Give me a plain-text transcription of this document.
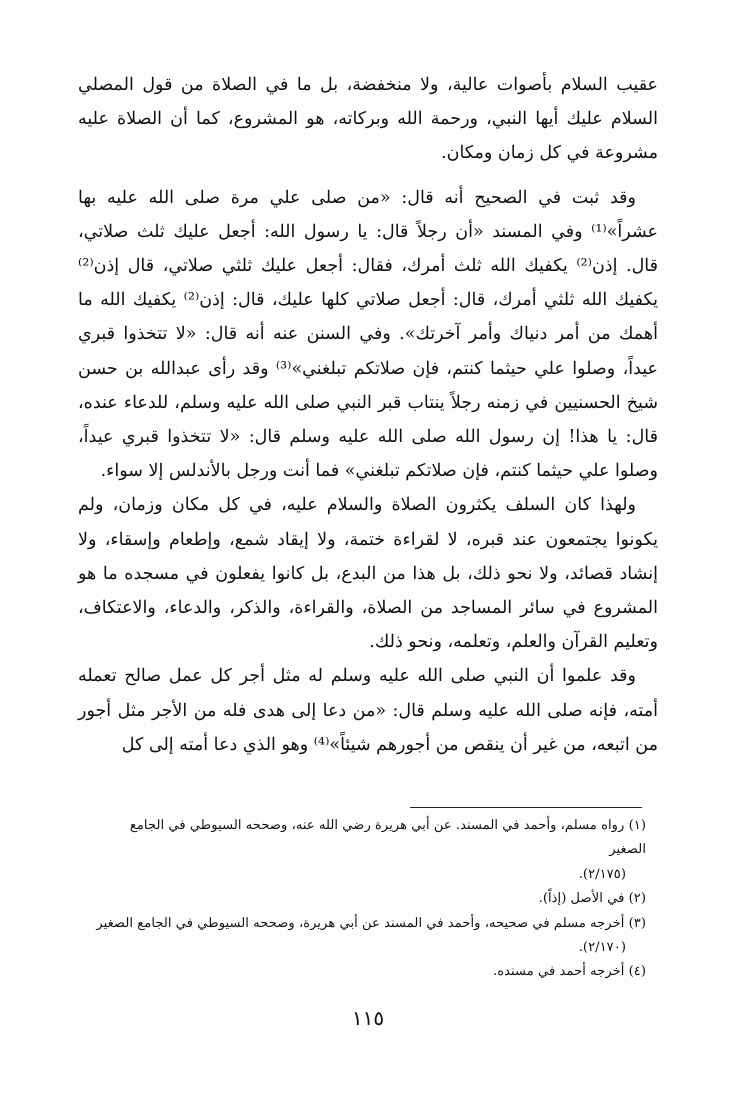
عقيب السلام بأصوات عالية، ولا منخفضة، بل ما في الصلاة من قول المصلي السلام عليك أيها النبي، ورحمة الله وبركاته، هو المشروع، كما أن الصلاة عليه مشروعة في كل زمان ومكان.

وقد ثبت في الصحيح أنه قال: «من صلى علي مرة صلى الله عليه بها عشراً»⁽¹⁾ وفي المسند «أن رجلاً قال: يا رسول الله: أجعل عليك ثلث صلاتي، قال. إذن⁽²⁾ يكفيك الله ثلث أمرك، فقال: أجعل عليك ثلثي صلاتي، قال إذن⁽²⁾ يكفيك الله ثلثي أمرك، قال: أجعل صلاتي كلها عليك، قال: إذن⁽²⁾ يكفيك الله ما أهمك من أمر دنياك وأمر آخرتك». وفي السنن عنه أنه قال: «لا تتخذوا قبري عيداً، وصلوا علي حيثما كنتم، فإن صلاتكم تبلغني»⁽³⁾ وقد رأى عبدالله بن حسن شيخ الحسنيين في زمنه رجلاً ينتاب قبر النبي صلى الله عليه وسلم، للدعاء عنده، قال: يا هذا! إن رسول الله صلى الله عليه وسلم قال: «لا تتخذوا قبري عيداً، وصلوا علي حيثما كنتم، فإن صلاتكم تبلغني» فما أنت ورجل بالأندلس إلا سواء.

ولهذا كان السلف يكثرون الصلاة والسلام عليه، في كل مكان وزمان، ولم يكونوا يجتمعون عند قبره، لا لقراءة ختمة، ولا إيقاد شمع، وإطعام وإسقاء، ولا إنشاد قصائد، ولا نحو ذلك، بل هذا من البدع، بل كانوا يفعلون في مسجده ما هو المشروع في سائر المساجد من الصلاة، والقراءة، والذكر، والدعاء، والاعتكاف، وتعليم القرآن والعلم، وتعلمه، ونحو ذلك.

وقد علموا أن النبي صلى الله عليه وسلم له مثل أجر كل عمل صالح تعمله أمته، فإنه صلى الله عليه وسلم قال: «من دعا إلى هدى فله من الأجر مثل أجور من اتبعه، من غير أن ينقص من أجورهم شيئاً»⁽⁴⁾ وهو الذي دعا أمته إلى كل

(١) رواه مسلم، وأحمد في المسند. عن أبي هريرة رضي الله عنه، وصححه السيوطي في الجامع الصغير

(٢/١٧٥).

(٢) في الأصل (إذاً).

(٣) أخرجه مسلم في صحيحه، وأحمد في المسند عن أبي هريرة، وصححه السيوطي في الجامع الصغير

(٢/١٧٠).

(٤) أخرجه أحمد في مسنده.

١١٥
